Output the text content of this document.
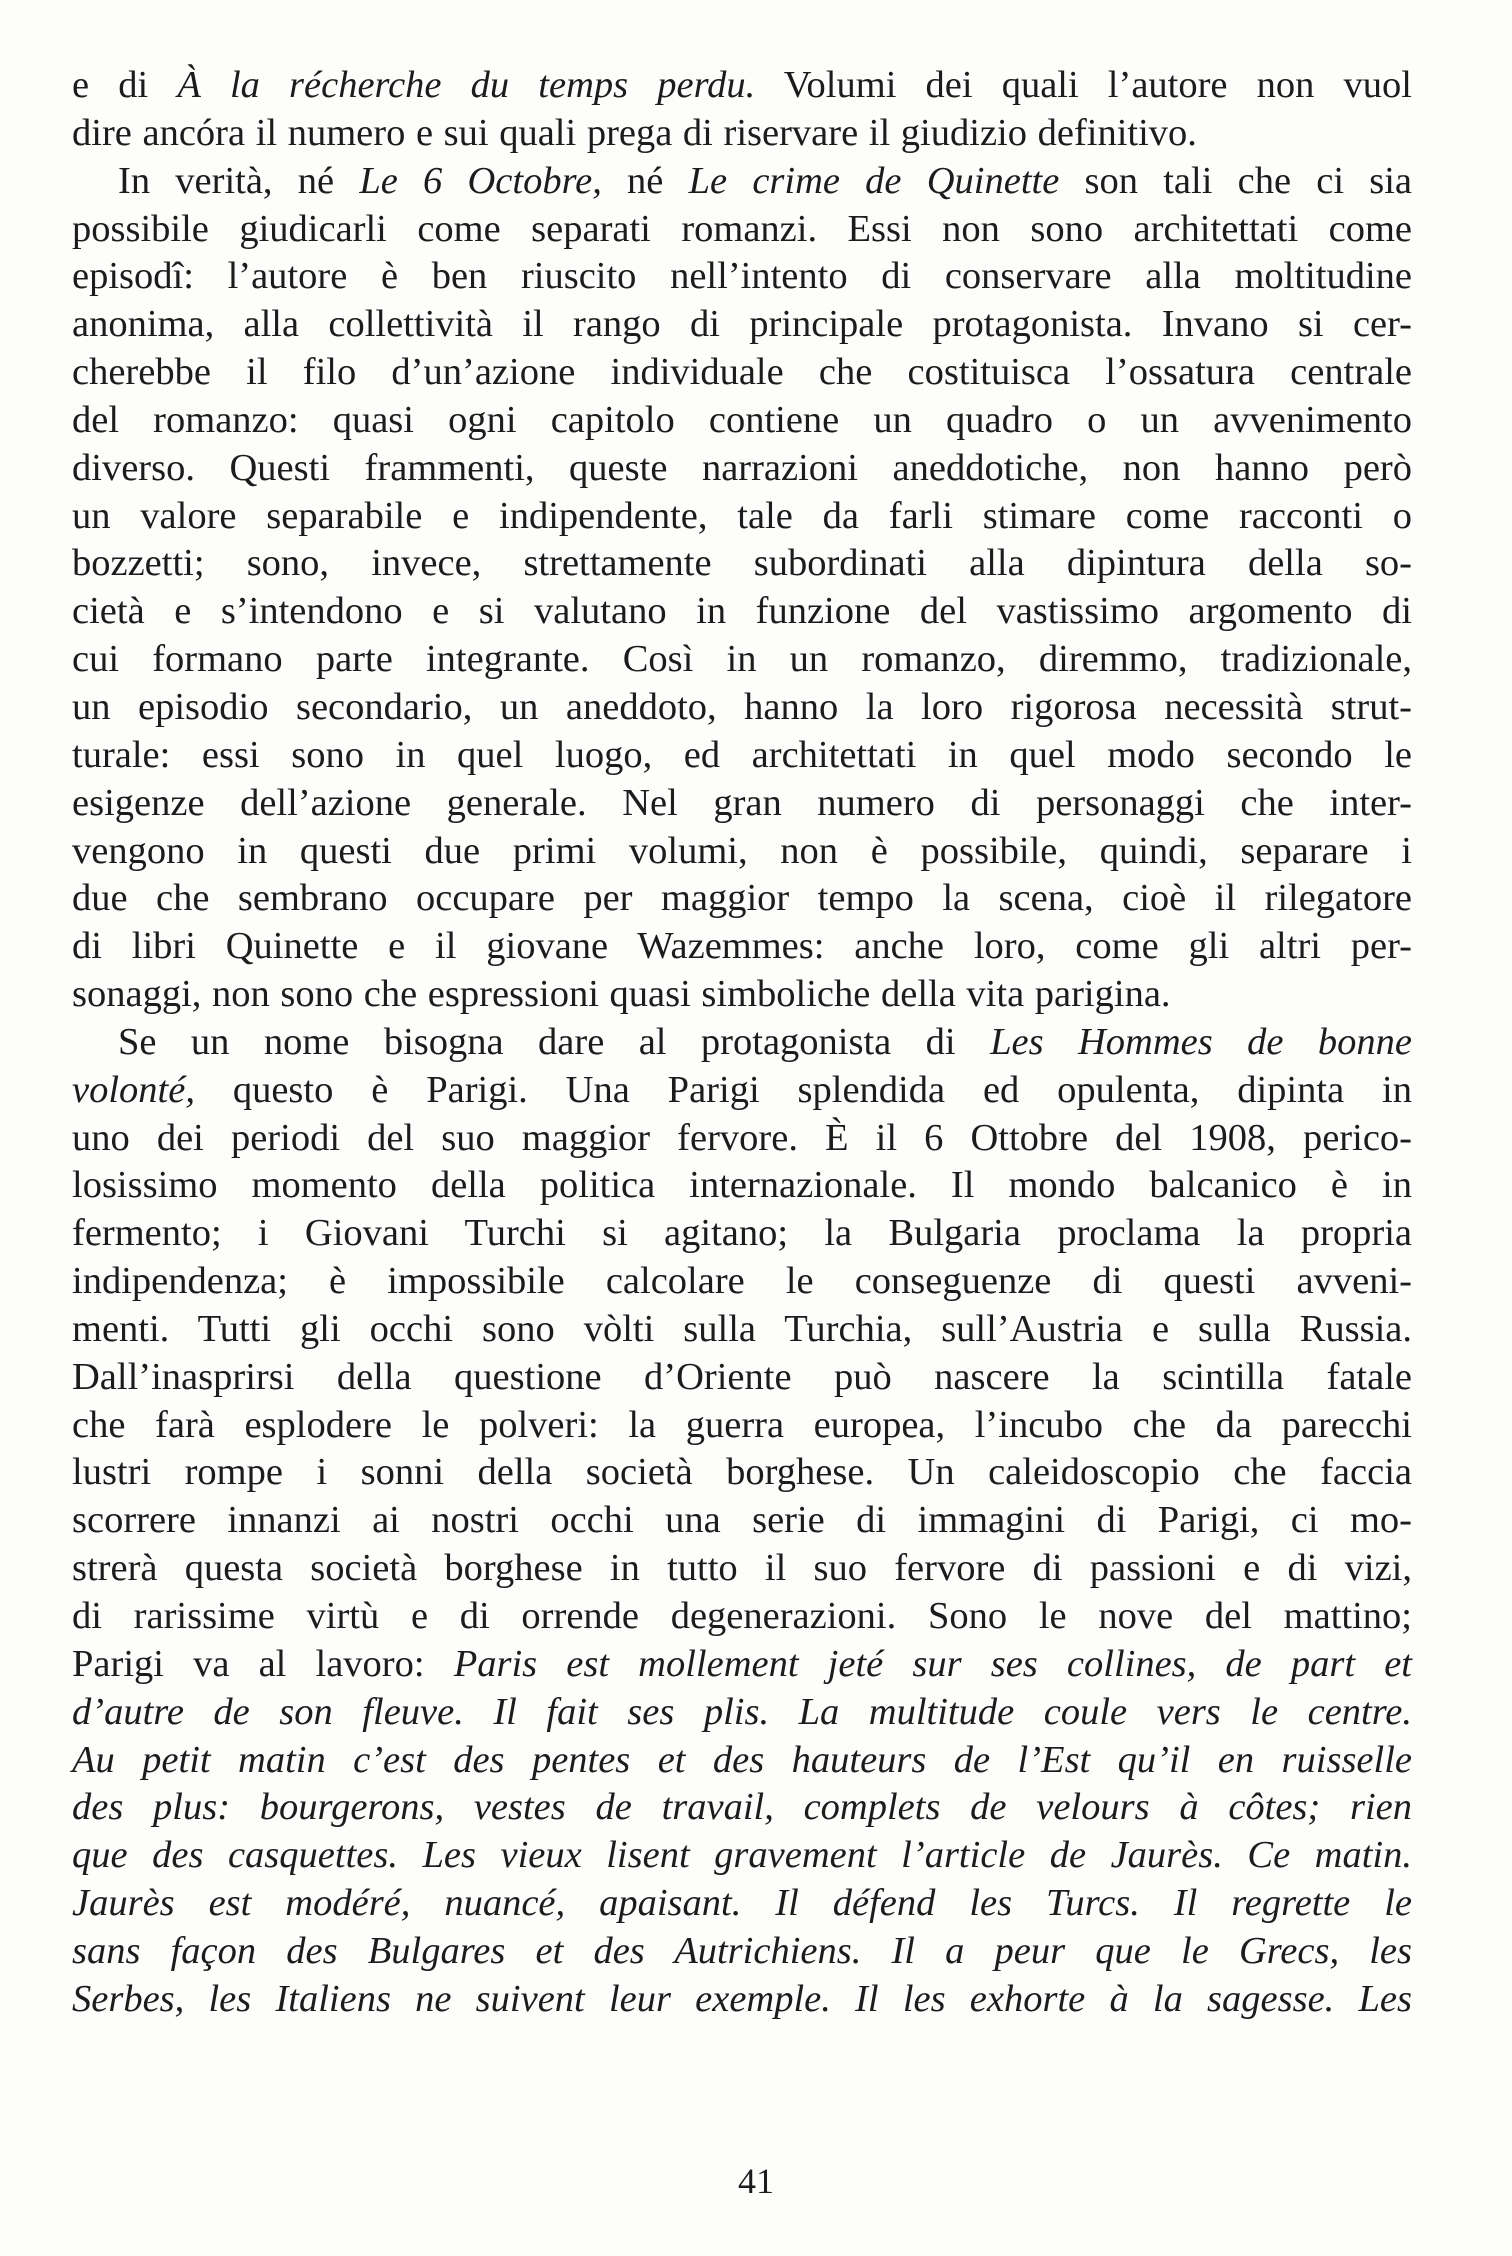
e di À la récherche du temps perdu. Volumi dei quali l’autore non vuol
dire ancóra il numero e sui quali prega di riservare il giudizio definitivo.
In verità, né Le 6 Octobre, né Le crime de Quinette son tali che ci sia
possibile giudicarli come separati romanzi. Essi non sono architettati come
episodî: l’autore è ben riuscito nell’intento di conservare alla moltitudine
anonima, alla collettività il rango di principale protagonista. Invano si cer-
cherebbe il filo d’un’azione individuale che costituisca l’ossatura centrale
del romanzo: quasi ogni capitolo contiene un quadro o un avvenimento
diverso. Questi frammenti, queste narrazioni aneddotiche, non hanno però
un valore separabile e indipendente, tale da farli stimare come racconti o
bozzetti; sono, invece, strettamente subordinati alla dipintura della so-
cietà e s’intendono e si valutano in funzione del vastissimo argomento di
cui formano parte integrante. Così in un romanzo, diremmo, tradizionale,
un episodio secondario, un aneddoto, hanno la loro rigorosa necessità strut-
turale: essi sono in quel luogo, ed architettati in quel modo secondo le
esigenze dell’azione generale. Nel gran numero di personaggi che inter-
vengono in questi due primi volumi, non è possibile, quindi, separare i
due che sembrano occupare per maggior tempo la scena, cioè il rilegatore
di libri Quinette e il giovane Wazemmes: anche loro, come gli altri per-
sonaggi, non sono che espressioni quasi simboliche della vita parigina.
Se un nome bisogna dare al protagonista di Les Hommes de bonne
volonté, questo è Parigi. Una Parigi splendida ed opulenta, dipinta in
uno dei periodi del suo maggior fervore. È il 6 Ottobre del 1908, perico-
losissimo momento della politica internazionale. Il mondo balcanico è in
fermento; i Giovani Turchi si agitano; la Bulgaria proclama la propria
indipendenza; è impossibile calcolare le conseguenze di questi avveni-
menti. Tutti gli occhi sono vòlti sulla Turchia, sull’Austria e sulla Russia.
Dall’inasprirsi della questione d’Oriente può nascere la scintilla fatale
che farà esplodere le polveri: la guerra europea, l’incubo che da parecchi
lustri rompe i sonni della società borghese. Un caleidoscopio che faccia
scorrere innanzi ai nostri occhi una serie di immagini di Parigi, ci mo-
strerà questa società borghese in tutto il suo fervore di passioni e di vizi,
di rarissime virtù e di orrende degenerazioni. Sono le nove del mattino;
Parigi va al lavoro: Paris est mollement jeté sur ses collines, de part et
d’autre de son fleuve. Il fait ses plis. La multitude coule vers le centre.
Au petit matin c’est des pentes et des hauteurs de l’Est qu’il en ruisselle
des plus: bourgerons, vestes de travail, complets de velours à côtes; rien
que des casquettes. Les vieux lisent gravement l’article de Jaurès. Ce matin.
Jaurès est modéré, nuancé, apaisant. Il défend les Turcs. Il regrette le
sans façon des Bulgares et des Autrichiens. Il a peur que le Grecs, les
Serbes, les Italiens ne suivent leur exemple. Il les exhorte à la sagesse. Les
41
